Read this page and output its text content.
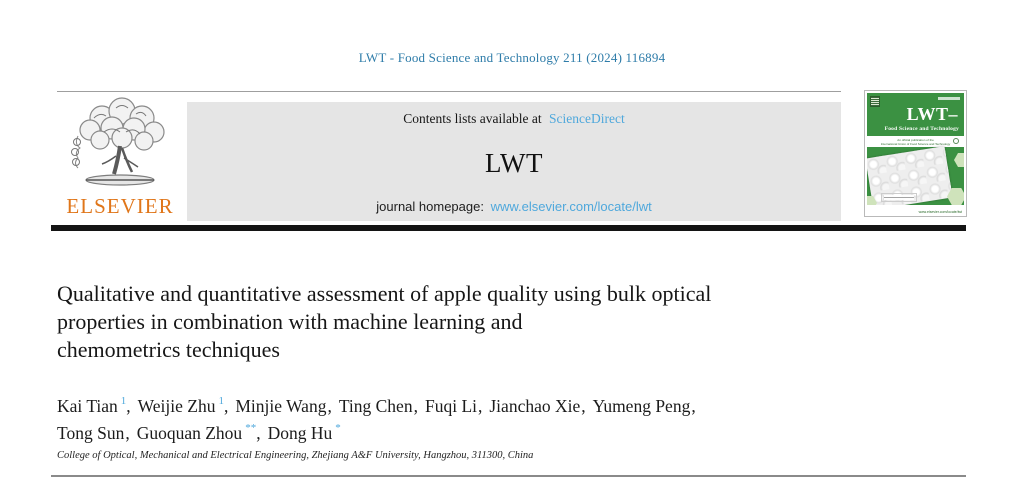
LWT - Food Science and Technology 211 (2024) 116894
ELSEVIER
Contents lists available at ScienceDirect
LWT
journal homepage: www.elsevier.com/locate/lwt
LWT–
Food Science and Technology
An official publication of the
International Union of Food Science and Technology
www.elsevier.com/locate/lwt
Qualitative and quantitative assessment of apple quality using bulk optical
properties in combination with machine learning and
chemometrics techniques
Kai Tian $^1$, Weijie Zhu $^1$, Minjie Wang, Ting Chen, Fuqi Li, Jianchao Xie, Yumeng Peng,
Tong Sun, Guoquan Zhou **, Dong Hu *
College of Optical, Mechanical and Electrical Engineering, Zhejiang A&F University, Hangzhou, 311300, China
